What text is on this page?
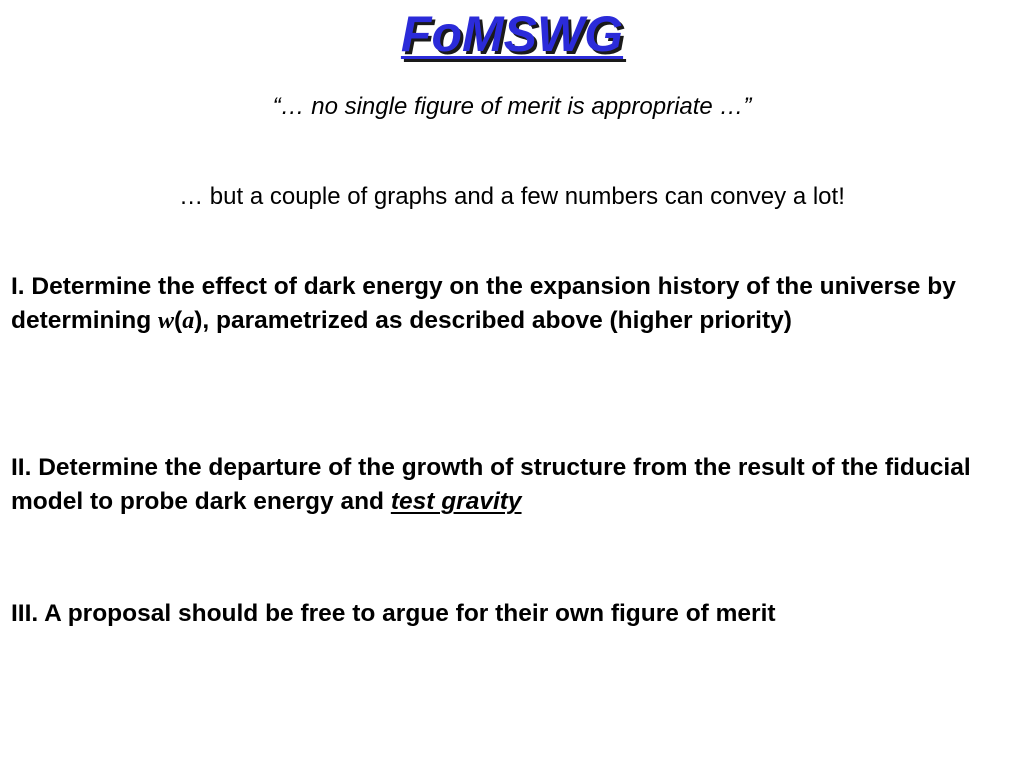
FoMSWG
“… no single figure of merit is appropriate …”
… but a couple of graphs and a few numbers can convey a lot!
I. Determine the effect of dark energy on the expansion history of the universe by determining w(a), parametrized as described above (higher priority)
II. Determine the departure of the growth of structure from the result of the fiducial model to probe dark energy and test gravity
III. A proposal should be free to argue for their own figure of merit
